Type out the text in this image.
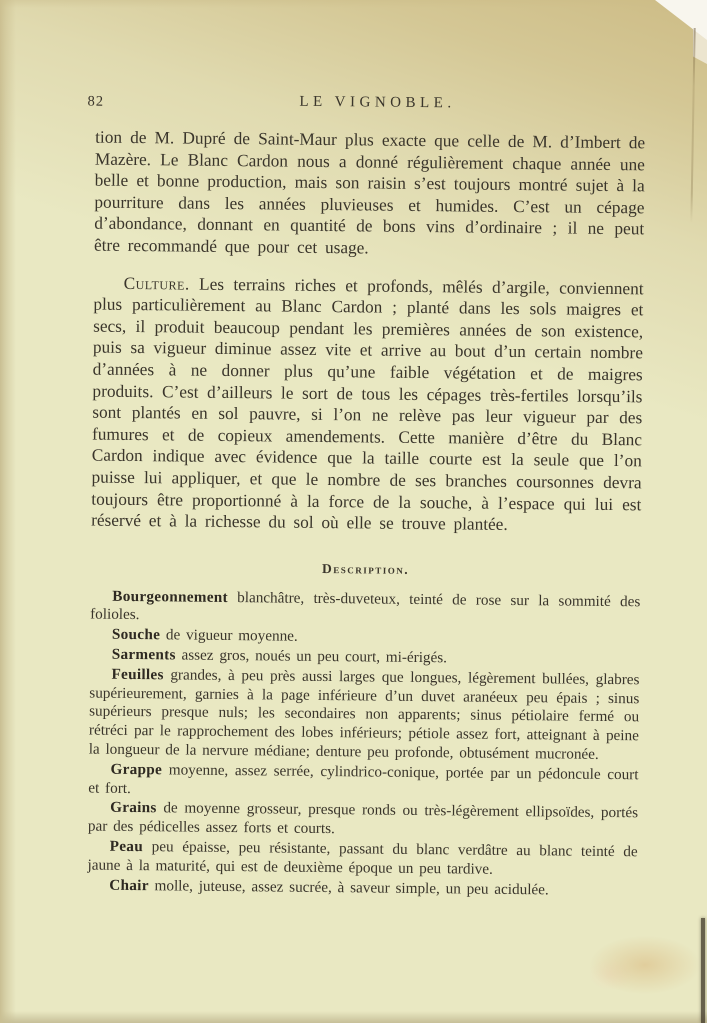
82	LE VIGNOBLE.

tion de M. Dupré de Saint-Maur plus exacte que celle de M. d’Imbert de Mazère. Le Blanc Cardon nous a donné régulièrement chaque année une belle et bonne production, mais son raisin s’est toujours montré sujet à la pourriture dans les années pluvieuses et humides. C’est un cépage d’abondance, donnant en quantité de bons vins d’ordinaire ; il ne peut être recommandé que pour cet usage.

Culture. Les terrains riches et profonds, mêlés d’argile, conviennent plus particulièrement au Blanc Cardon ; planté dans les sols maigres et secs, il produit beaucoup pendant les premières années de son existence, puis sa vigueur diminue assez vite et arrive au bout d’un certain nombre d’années à ne donner plus qu’une faible végétation et de maigres produits. C’est d’ailleurs le sort de tous les cépages très-fertiles lorsqu’ils sont plantés en sol pauvre, si l’on ne relève pas leur vigueur par des fumures et de copieux amendements. Cette manière d’être du Blanc Cardon indique avec évidence que la taille courte est la seule que l’on puisse lui appliquer, et que le nombre de ses branches coursonnes devra toujours être proportionné à la force de la souche, à l’espace qui lui est réservé et à la richesse du sol où elle se trouve plantée.

Description.

Bourgeonnement blanchâtre, très-duveteux, teinté de rose sur la sommité des folioles.

Souche de vigueur moyenne.

Sarments assez gros, noués un peu court, mi-érigés.

Feuilles grandes, à peu près aussi larges que longues, légèrement bullées, glabres supérieurement, garnies à la page inférieure d’un duvet aranéeux peu épais ; sinus supérieurs presque nuls; les secondaires non apparents; sinus pétiolaire fermé ou rétréci par le rapprochement des lobes inférieurs; pétiole assez fort, atteignant à peine la longueur de la nervure médiane; denture peu profonde, obtusément mucronée.

Grappe moyenne, assez serrée, cylindrico-conique, portée par un pédoncule court et fort.

Grains de moyenne grosseur, presque ronds ou très-légèrement ellipsoïdes, portés par des pédicelles assez forts et courts.

Peau peu épaisse, peu résistante, passant du blanc verdâtre au blanc teinté de jaune à la maturité, qui est de deuxième époque un peu tardive.

Chair molle, juteuse, assez sucrée, à saveur simple, un peu acidulée.
